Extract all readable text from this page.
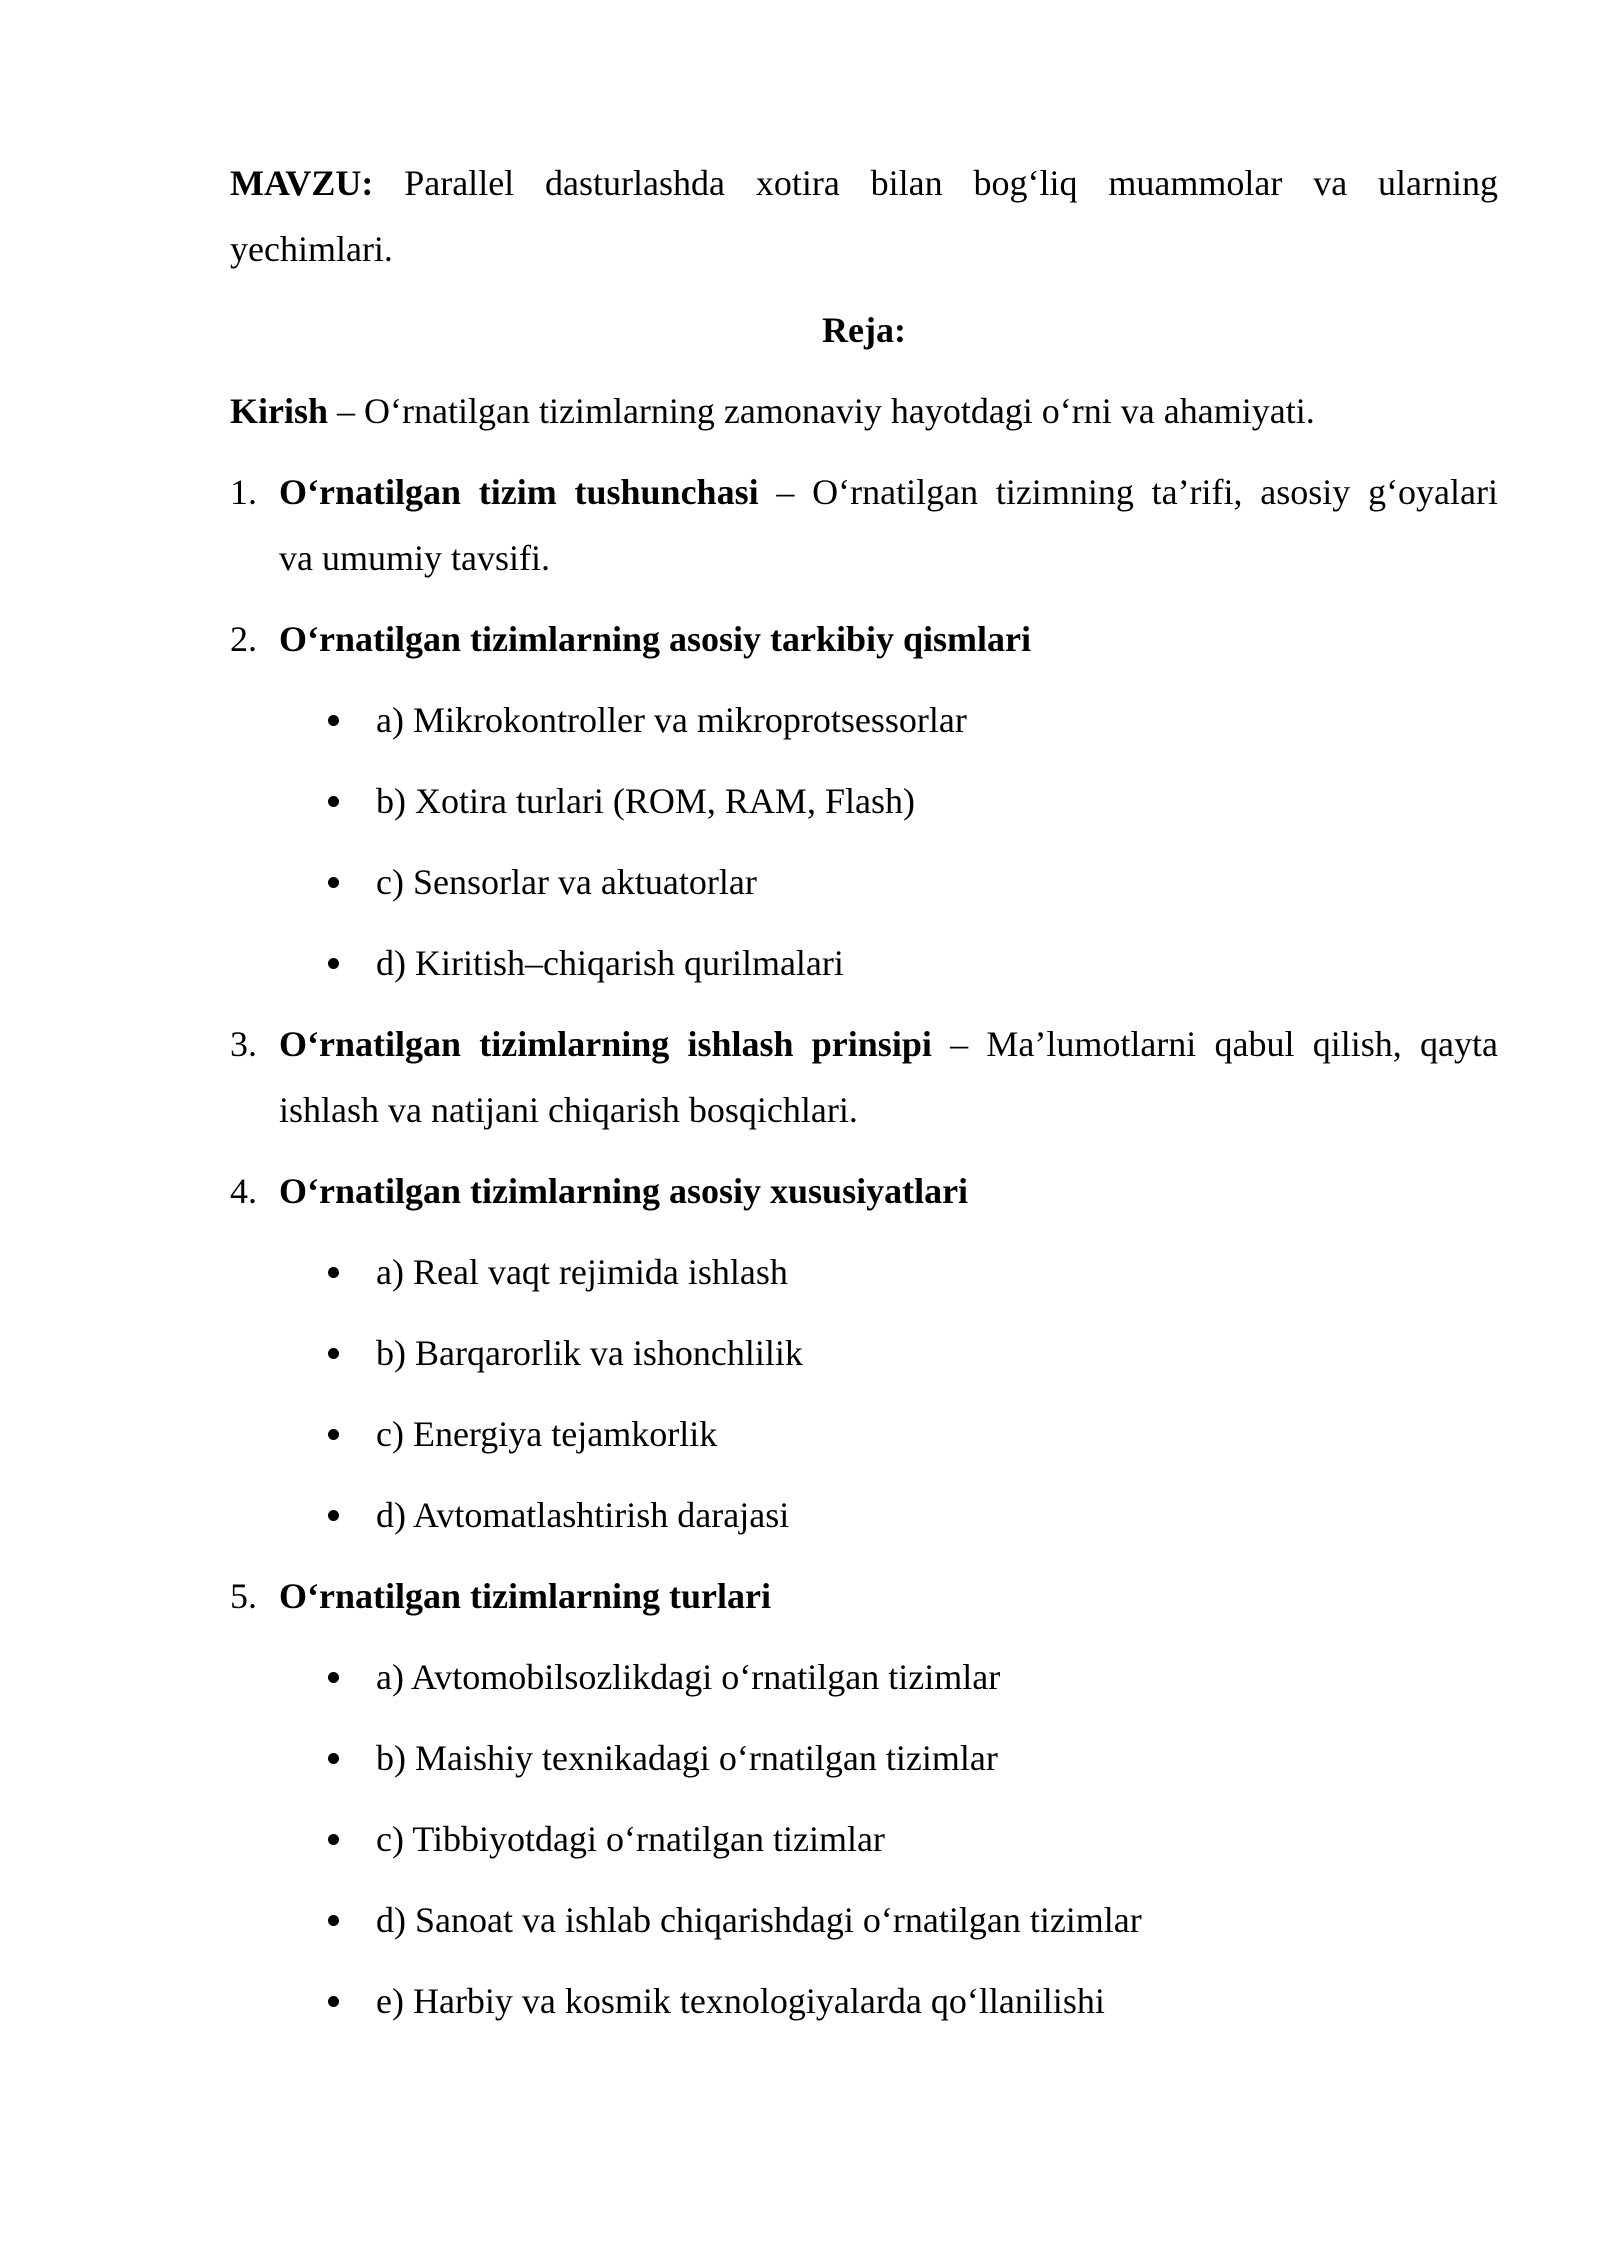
MAVZU: Parallel dasturlashda xotira bilan bog‘liq muammolar va ularning
yechimlari.
Reja:
Kirish – O‘rnatilgan tizimlarning zamonaviy hayotdagi o‘rni va ahamiyati.
1. O‘rnatilgan tizim tushunchasi – O‘rnatilgan tizimning ta’rifi, asosiy g‘oyalari
va umumiy tavsifi.
2. O‘rnatilgan tizimlarning asosiy tarkibiy qismlari
a) Mikrokontroller va mikroprotsessorlar
b) Xotira turlari (ROM, RAM, Flash)
c) Sensorlar va aktuatorlar
d) Kiritish–chiqarish qurilmalari
3. O‘rnatilgan tizimlarning ishlash prinsipi – Ma’lumotlarni qabul qilish, qayta
ishlash va natijani chiqarish bosqichlari.
4. O‘rnatilgan tizimlarning asosiy xususiyatlari
a) Real vaqt rejimida ishlash
b) Barqarorlik va ishonchlilik
c) Energiya tejamkorlik
d) Avtomatlashtirish darajasi
5. O‘rnatilgan tizimlarning turlari
a) Avtomobilsozlikdagi o‘rnatilgan tizimlar
b) Maishiy texnikadagi o‘rnatilgan tizimlar
c) Tibbiyotdagi o‘rnatilgan tizimlar
d) Sanoat va ishlab chiqarishdagi o‘rnatilgan tizimlar
e) Harbiy va kosmik texnologiyalarda qo‘llanilishi
